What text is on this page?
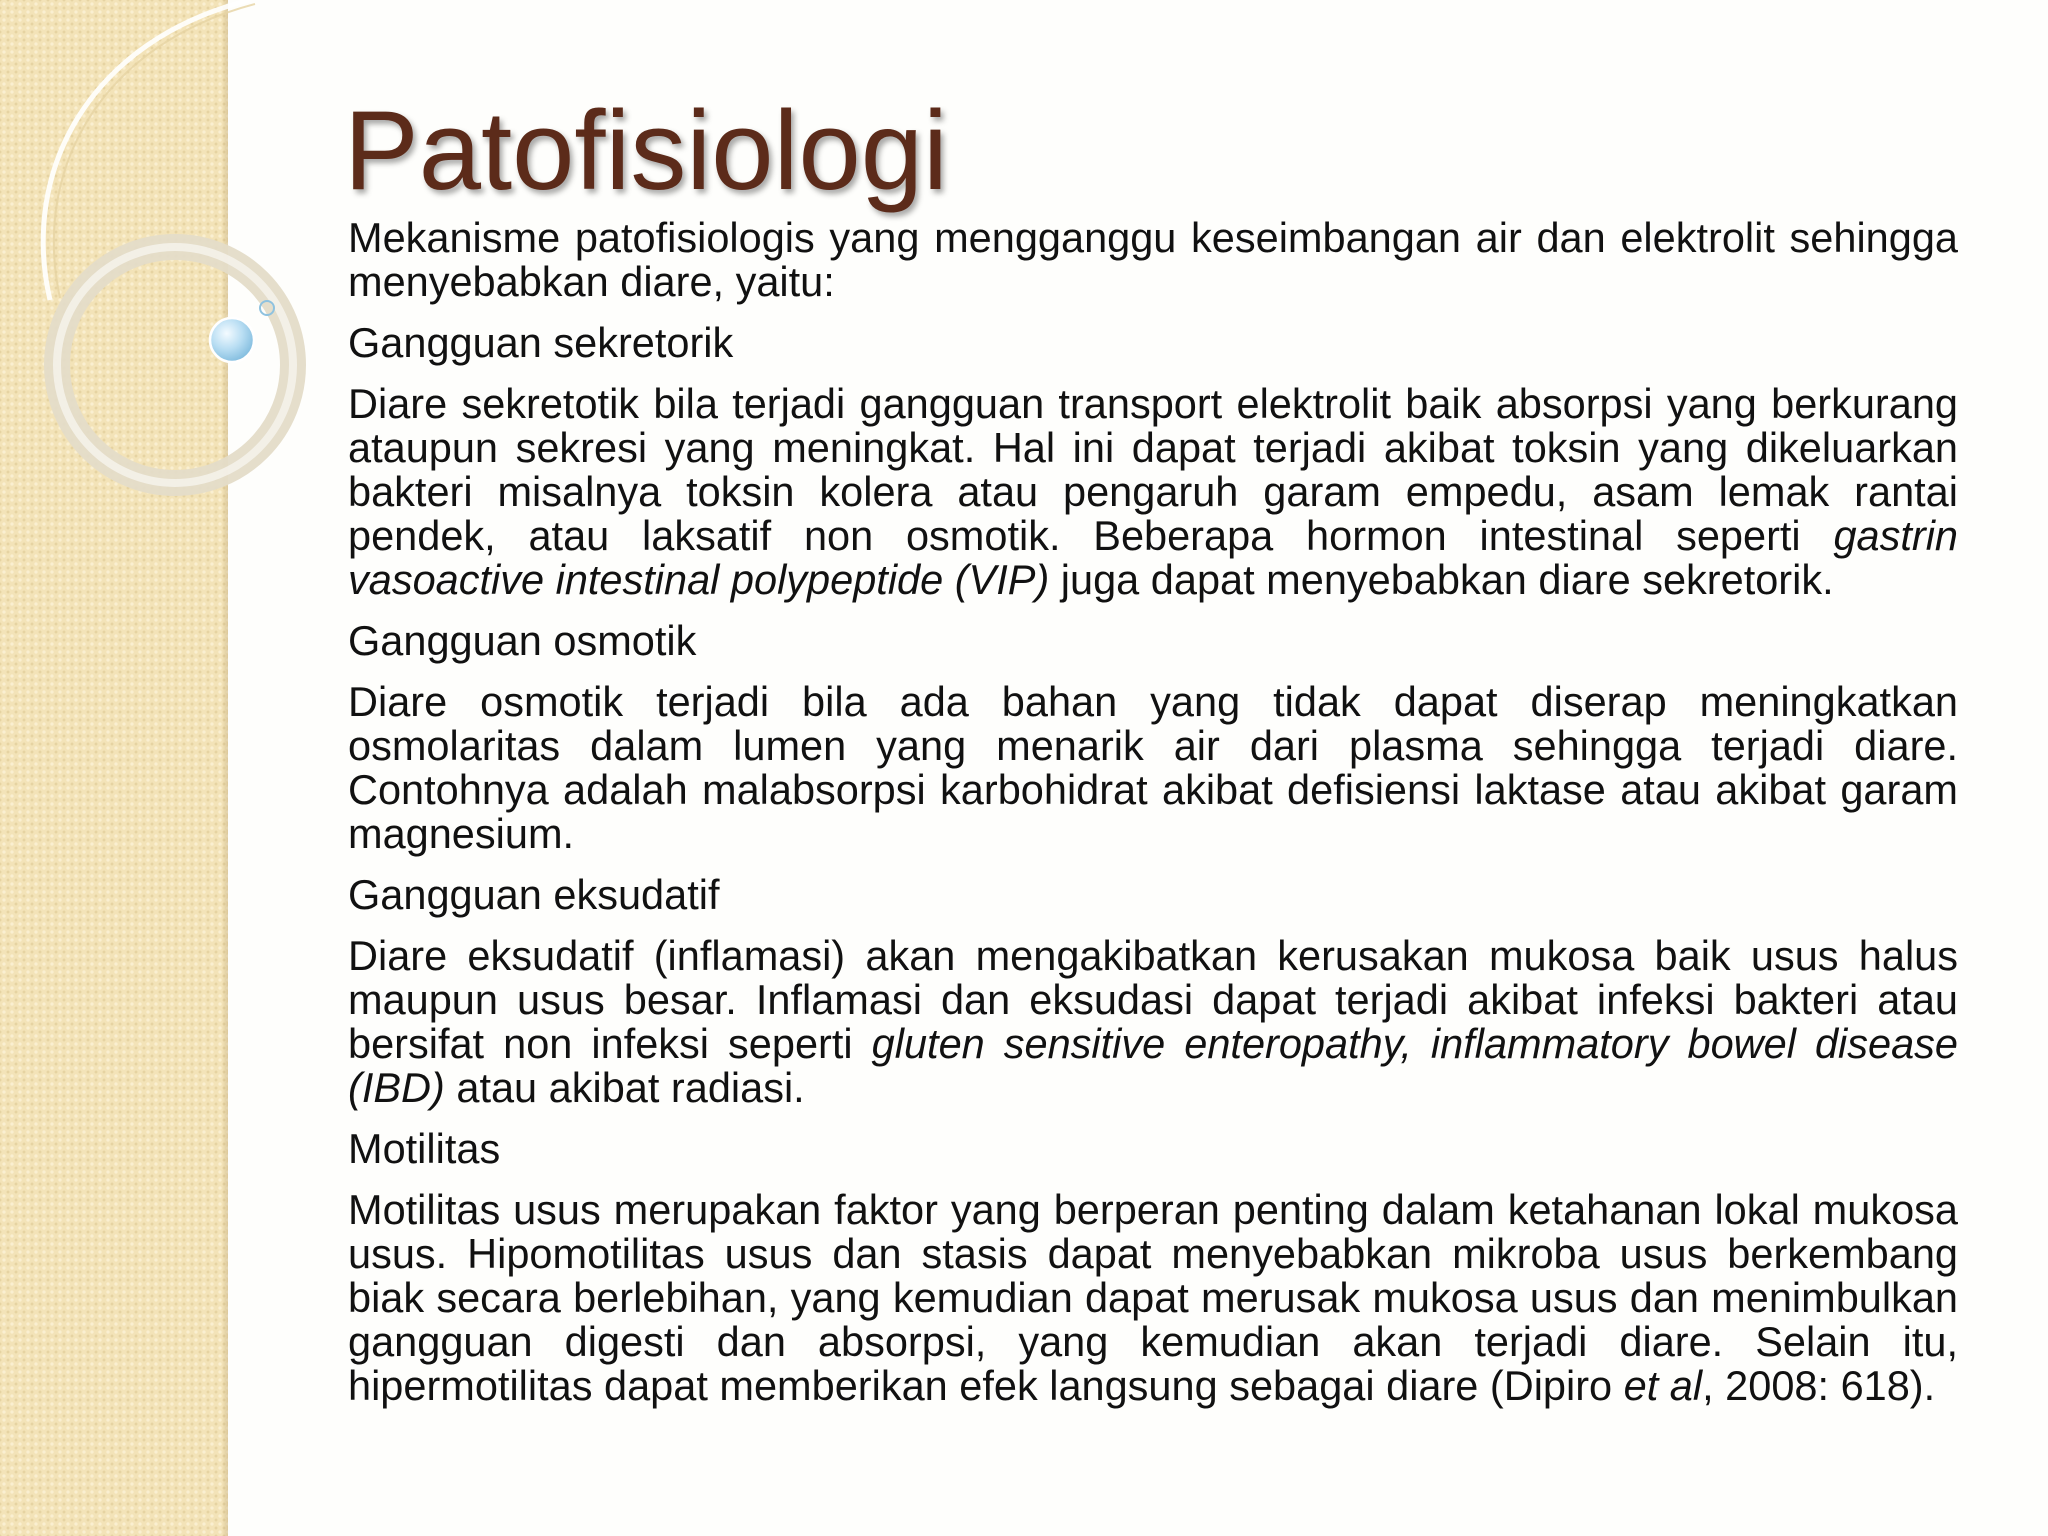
Patofisiologi

Mekanisme patofisiologis yang mengganggu keseimbangan air dan elektrolit sehingga menyebabkan diare, yaitu:

Gangguan sekretorik

Diare sekretotik bila terjadi gangguan transport elektrolit baik absorpsi yang berkurang ataupun sekresi yang meningkat. Hal ini dapat terjadi akibat toksin yang dikeluarkan bakteri misalnya toksin kolera atau pengaruh garam empedu, asam lemak rantai pendek, atau laksatif non osmotik. Beberapa hormon intestinal seperti gastrin vasoactive intestinal polypeptide (VIP) juga dapat menyebabkan diare sekretorik.

Gangguan osmotik

Diare osmotik terjadi bila ada bahan yang tidak dapat diserap meningkatkan osmolaritas dalam lumen yang menarik air dari plasma sehingga terjadi diare. Contohnya adalah malabsorpsi karbohidrat akibat defisiensi laktase atau akibat garam magnesium.

Gangguan eksudatif

Diare eksudatif (inflamasi) akan mengakibatkan kerusakan mukosa baik usus halus maupun usus besar. Inflamasi dan eksudasi dapat terjadi akibat infeksi bakteri atau bersifat non infeksi seperti gluten sensitive enteropathy, inflammatory bowel disease (IBD) atau akibat radiasi.

Motilitas

Motilitas usus merupakan faktor yang berperan penting dalam ketahanan lokal mukosa usus. Hipomotilitas usus dan stasis dapat menyebabkan mikroba usus berkembang biak secara berlebihan, yang kemudian dapat merusak mukosa usus dan menimbulkan gangguan digesti dan absorpsi, yang kemudian akan terjadi diare. Selain itu, hipermotilitas dapat memberikan efek langsung sebagai diare (Dipiro et al, 2008: 618).
